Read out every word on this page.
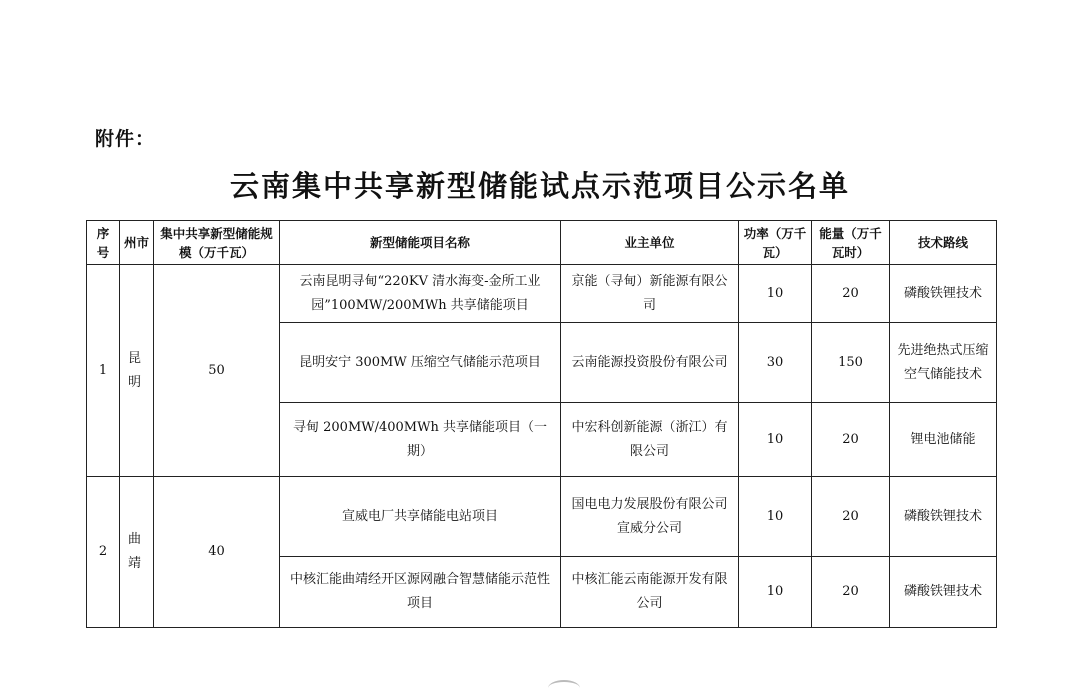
附件：
云南集中共享新型储能试点示范项目公示名单
序号	州市	集中共享新型储能规模（万千瓦）	新型储能项目名称	业主单位	功率（万千瓦）	能量（万千瓦时）	技术路线
1	昆明	50	云南昆明寻甸“220KV 清水海变-金所工业园”100MW/200MWh 共享储能项目	京能（寻甸）新能源有限公司	10	20	磷酸铁锂技术
			昆明安宁 300MW 压缩空气储能示范项目	云南能源投资股份有限公司	30	150	先进绝热式压缩空气储能技术
			寻甸 200MW/400MWh 共享储能项目（一期）	中宏科创新能源（浙江）有限公司	10	20	锂电池储能
2	曲靖	40	宣威电厂共享储能电站项目	国电电力发展股份有限公司宣威分公司	10	20	磷酸铁锂技术
			中核汇能曲靖经开区源网融合智慧储能示范性项目	中核汇能云南能源开发有限公司	10	20	磷酸铁锂技术
